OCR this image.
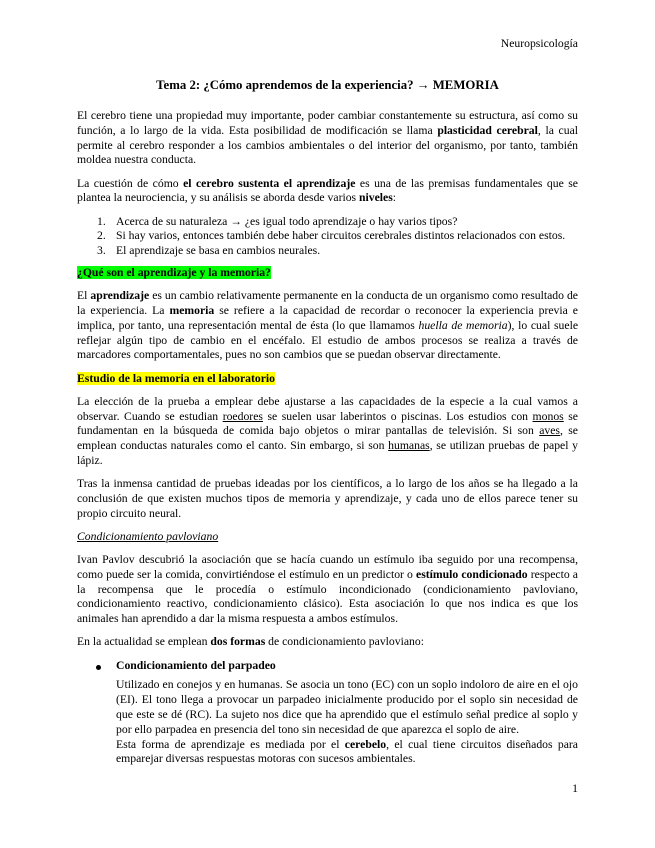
Neuropsicología
Tema 2: ¿Cómo aprendemos de la experiencia? → MEMORIA

El cerebro tiene una propiedad muy importante, poder cambiar constantemente su estructura, así como su función, a lo largo de la vida. Esta posibilidad de modificación se llama plasticidad cerebral, la cual permite al cerebro responder a los cambios ambientales o del interior del organismo, por tanto, también moldea nuestra conducta.

La cuestión de cómo el cerebro sustenta el aprendizaje es una de las premisas fundamentales que se plantea la neurociencia, y su análisis se aborda desde varios niveles:

1. Acerca de su naturaleza → ¿es igual todo aprendizaje o hay varios tipos?
2. Si hay varios, entonces también debe haber circuitos cerebrales distintos relacionados con estos.
3. El aprendizaje se basa en cambios neurales.

¿Qué son el aprendizaje y la memoria?

El aprendizaje es un cambio relativamente permanente en la conducta de un organismo como resultado de la experiencia. La memoria se refiere a la capacidad de recordar o reconocer la experiencia previa e implica, por tanto, una representación mental de ésta (lo que llamamos huella de memoria), lo cual suele reflejar algún tipo de cambio en el encéfalo. El estudio de ambos procesos se realiza a través de marcadores comportamentales, pues no son cambios que se puedan observar directamente.

Estudio de la memoria en el laboratorio

La elección de la prueba a emplear debe ajustarse a las capacidades de la especie a la cual vamos a observar. Cuando se estudian roedores se suelen usar laberintos o piscinas. Los estudios con monos se fundamentan en la búsqueda de comida bajo objetos o mirar pantallas de televisión. Si son aves, se emplean conductas naturales como el canto. Sin embargo, si son humanas, se utilizan pruebas de papel y lápiz.

Tras la inmensa cantidad de pruebas ideadas por los científicos, a lo largo de los años se ha llegado a la conclusión de que existen muchos tipos de memoria y aprendizaje, y cada uno de ellos parece tener su propio circuito neural.

Condicionamiento pavloviano

Ivan Pavlov descubrió la asociación que se hacía cuando un estímulo iba seguido por una recompensa, como puede ser la comida, convirtiéndose el estímulo en un predictor o estímulo condicionado respecto a la recompensa que le procedía o estímulo incondicionado (condicionamiento pavloviano, condicionamiento reactivo, condicionamiento clásico). Esta asociación lo que nos indica es que los animales han aprendido a dar la misma respuesta a ambos estímulos.

En la actualidad se emplean dos formas de condicionamiento pavloviano:

Condicionamiento del parpadeo

Utilizado en conejos y en humanas. Se asocia un tono (EC) con un soplo indoloro de aire en el ojo (EI). El tono llega a provocar un parpadeo inicialmente producido por el soplo sin necesidad de que este se dé (RC). La sujeto nos dice que ha aprendido que el estímulo señal predice al soplo y por ello parpadea en presencia del tono sin necesidad de que aparezca el soplo de aire.

Esta forma de aprendizaje es mediada por el cerebelo, el cual tiene circuitos diseñados para emparejar diversas respuestas motoras con sucesos ambientales.

1
